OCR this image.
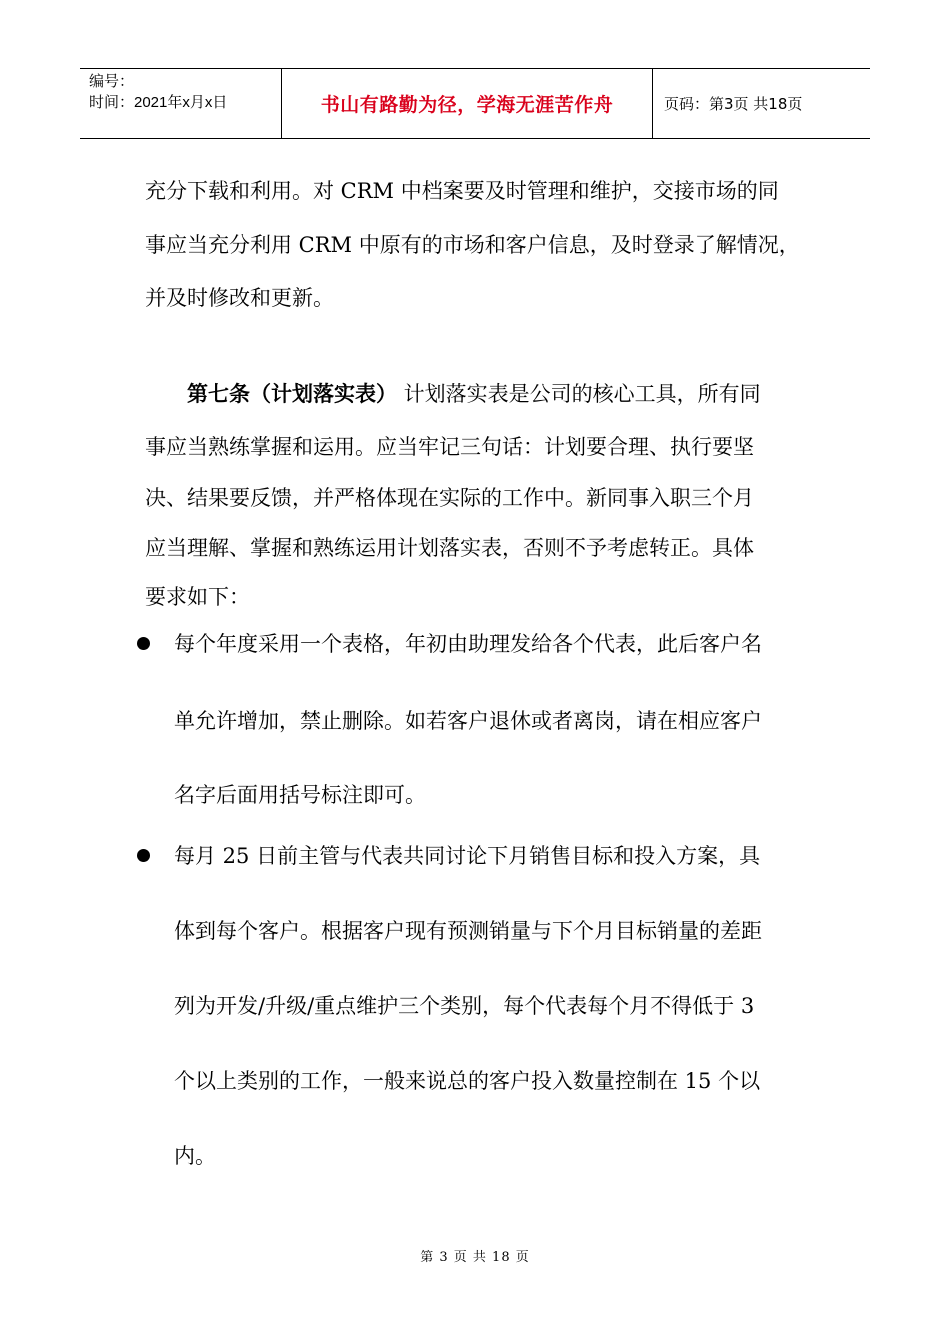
编号：
时间：2021年x月x日	书山有路勤为径，学海无涯苦作舟	页码：第3页 共18页
充分下载和利用。对 CRM 中档案要及时管理和维护，交接市场的同
事应当充分利用 CRM 中原有的市场和客户信息，及时登录了解情况，
并及时修改和更新。
第七条（计划落实表） 计划落实表是公司的核心工具，所有同
事应当熟练掌握和运用。应当牢记三句话：计划要合理、执行要坚
决、结果要反馈，并严格体现在实际的工作中。新同事入职三个月
应当理解、掌握和熟练运用计划落实表，否则不予考虑转正。具体
要求如下：
每个年度采用一个表格，年初由助理发给各个代表，此后客户名
单允许增加，禁止删除。如若客户退休或者离岗，请在相应客户
名字后面用括号标注即可。
每月 25 日前主管与代表共同讨论下月销售目标和投入方案，具
体到每个客户。根据客户现有预测销量与下个月目标销量的差距
列为开发/升级/重点维护三个类别，每个代表每个月不得低于 3
个以上类别的工作，一般来说总的客户投入数量控制在 15 个以
内。
第 3 页 共 18 页
